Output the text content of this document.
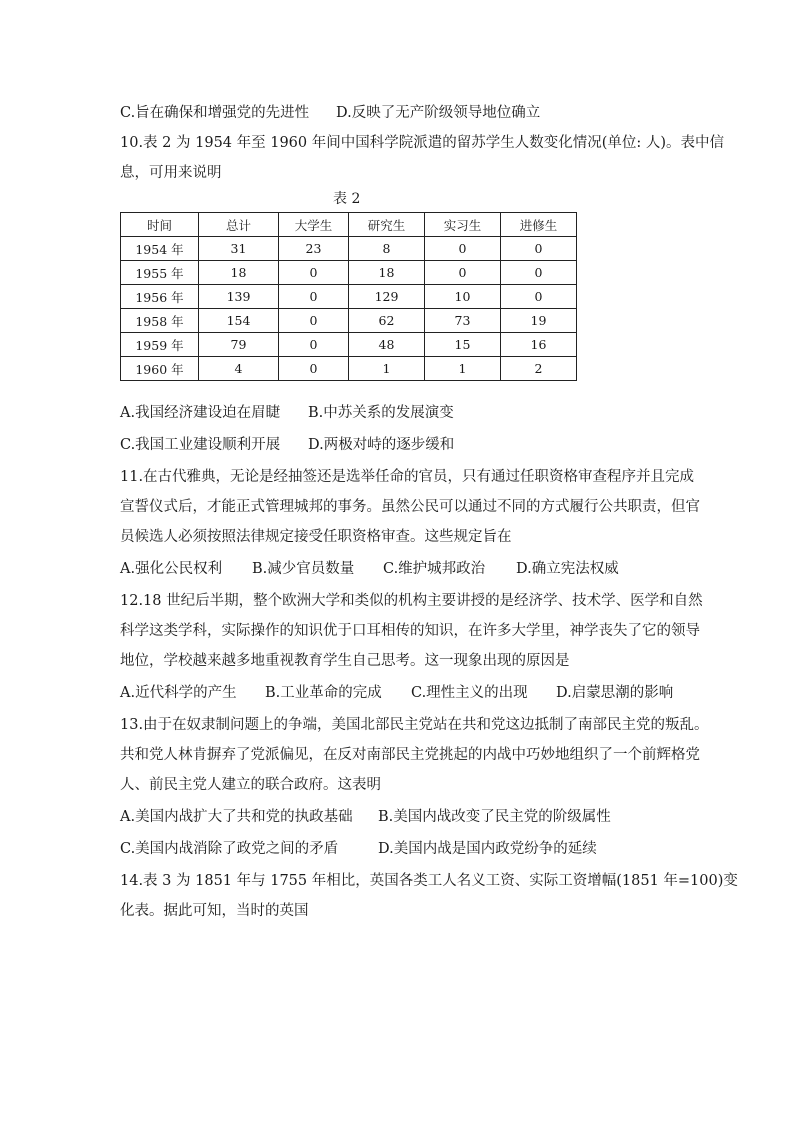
C.旨在确保和增强党的先进性 D.反映了无产阶级领导地位确立
10.表 2 为 1954 年至 1960 年间中国科学院派遣的留苏学生人数变化情况(单位: 人)。表中信
息，可用来说明
表 2
时间	总计	大学生	研究生	实习生	进修生
1954 年	31	23	8	0	0
1955 年	18	0	18	0	0
1956 年	139	0	129	10	0
1958 年	154	0	62	73	19
1959 年	79	0	48	15	16
1960 年	4	0	1	1	2
A.我国经济建设迫在眉睫 B.中苏关系的发展演变
C.我国工业建设顺利开展 D.两极对峙的逐步缓和
11.在古代雅典，无论是经抽签还是选举任命的官员，只有通过任职资格审查程序并且完成
宣誓仪式后，才能正式管理城邦的事务。虽然公民可以通过不同的方式履行公共职责，但官
员候选人必须按照法律规定接受任职资格审查。这些规定旨在
A.强化公民权利 B.减少官员数量 C.维护城邦政治 D.确立宪法权威
12.18 世纪后半期，整个欧洲大学和类似的机构主要讲授的是经济学、技术学、医学和自然
科学这类学科，实际操作的知识优于口耳相传的知识，在许多大学里，神学丧失了它的领导
地位，学校越来越多地重视教育学生自己思考。这一现象出现的原因是
A.近代科学的产生 B.工业革命的完成 C.理性主义的出现 D.启蒙思潮的影响
13.由于在奴隶制问题上的争端，美国北部民主党站在共和党这边抵制了南部民主党的叛乱。
共和党人林肯摒弃了党派偏见，在反对南部民主党挑起的内战中巧妙地组织了一个前辉格党
人、前民主党人建立的联合政府。这表明
A.美国内战扩大了共和党的执政基础 B.美国内战改变了民主党的阶级属性
C.美国内战消除了政党之间的矛盾	D.美国内战是国内政党纷争的延续
14.表 3 为 1851 年与 1755 年相比，英国各类工人名义工资、实际工资增幅(1851 年=100)变
化表。据此可知，当时的英国
